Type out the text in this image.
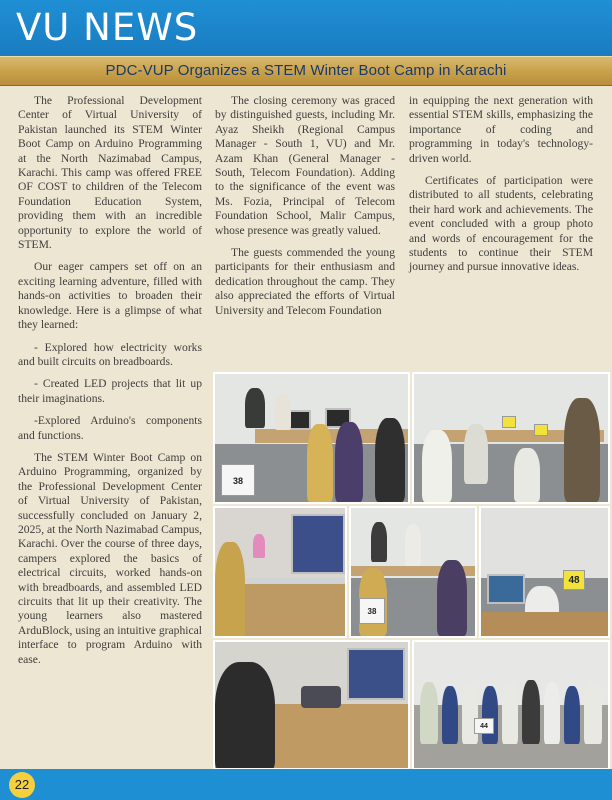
VU NEWS
PDC-VUP Organizes a STEM Winter Boot Camp in Karachi

The Professional Development Center of Virtual University of Pakistan launched its STEM Winter Boot Camp on Arduino Programming at the North Nazimabad Campus, Karachi. This camp was offered FREE OF COST to children of the Telecom Foundation Education System, providing them with an incredible opportunity to explore the world of STEM.

Our eager campers set off on an exciting learning adventure, filled with hands-on activities to broaden their knowledge. Here is a glimpse of what they learned:

- Explored how electricity works and built circuits on breadboards.

- Created LED projects that lit up their imaginations.

-Explored Arduino's components and functions.

The STEM Winter Boot Camp on Arduino Programming, organized by the Professional Development Center of Virtual University of Pakistan, successfully concluded on January 2, 2025, at the North Nazimabad Campus, Karachi. Over the course of three days, campers explored the basics of electrical circuits, worked hands-on with breadboards, and assembled LED circuits that lit up their creativity. The young learners also mastered ArduBlock, using an intuitive graphical interface to program Arduino with ease.

The closing ceremony was graced by distinguished guests, including Mr. Ayaz Sheikh (Regional Campus Manager - South 1, VU) and Mr. Azam Khan (General Manager - South, Telecom Foundation). Adding to the significance of the event was Ms. Fozia, Principal of Telecom Foundation School, Malir Campus, whose presence was greatly valued.

The guests commended the young participants for their enthusiasm and dedication throughout the camp. They also appreciated the efforts of Virtual University and Telecom Foundation

in equipping the next generation with essential STEM skills, emphasizing the importance of coding and programming in today's technology-driven world.

Certificates of participation were distributed to all students, celebrating their hard work and achievements. The event concluded with a group photo and words of encouragement for the students to continue their STEM journey and pursue innovative ideas.

38
38
48
44
22
